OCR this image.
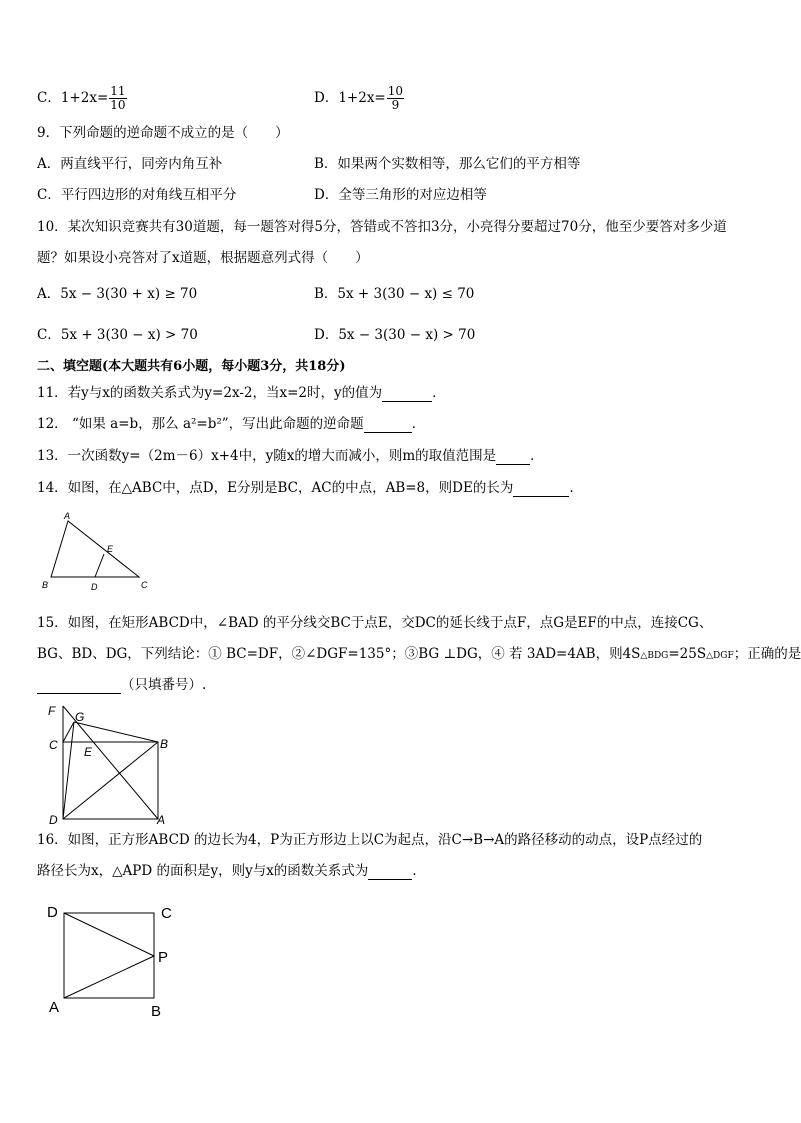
C．$1+2x= \frac{11}{10}$	D．$1+2x= \frac{10}{9}$
9．下列命题的逆命题不成立的是（　　）
A．两直线平行，同旁内角互补	B．如果两个实数相等，那么它们的平方相等
C．平行四边形的对角线互相平分	D．全等三角形的对应边相等
10．某次知识竞赛共有30道题，每一题答对得5分，答错或不答扣3分，小亮得分要超过70分，他至少要答对多少道
题？如果设小亮答对了x道题，根据题意列式得（　　）
A．5x − 3(30 + x) ≥ 70	B．5x + 3(30 − x) ≤ 70
C．5x + 3(30 − x) > 70	D．5x − 3(30 − x) > 70
二、填空题(本大题共有6小题，每小题3分，共18分)
11．若y与x的函数关系式为y=2x-2，当x=2时，y的值为	．
12． “如果 a=b，那么 a²=b²”，写出此命题的逆命题	．
13．一次函数y=（2m－6）x+4中，y随x的增大而减小，则m的取值范围是	．
14．如图，在△ABC中，点D，E分别是BC，AC的中点，AB=8，则DE的长为	.
A
B	C
D
E
15．如图，在矩形ABCD中，∠BAD 的平分线交BC于点E，交DC的延长线于点F，点G是EF的中点，连接CG、
BG、BD、DG，下列结论：① BC=DF，②∠DGF=135°；③BG ⊥DG，④ 若 3AD=4AB，则4S△BDG=25S△DGF；正确的是
（只填番号）.
F G
C E
B
D	A
16．如图，正方形ABCD 的边长为4，P为正方形边上以C为起点，沿C→B→A的路径移动的动点，设P点经过的
路径长为x，△APD 的面积是y，则y与x的函数关系式为	．
D	C
P
A	B
